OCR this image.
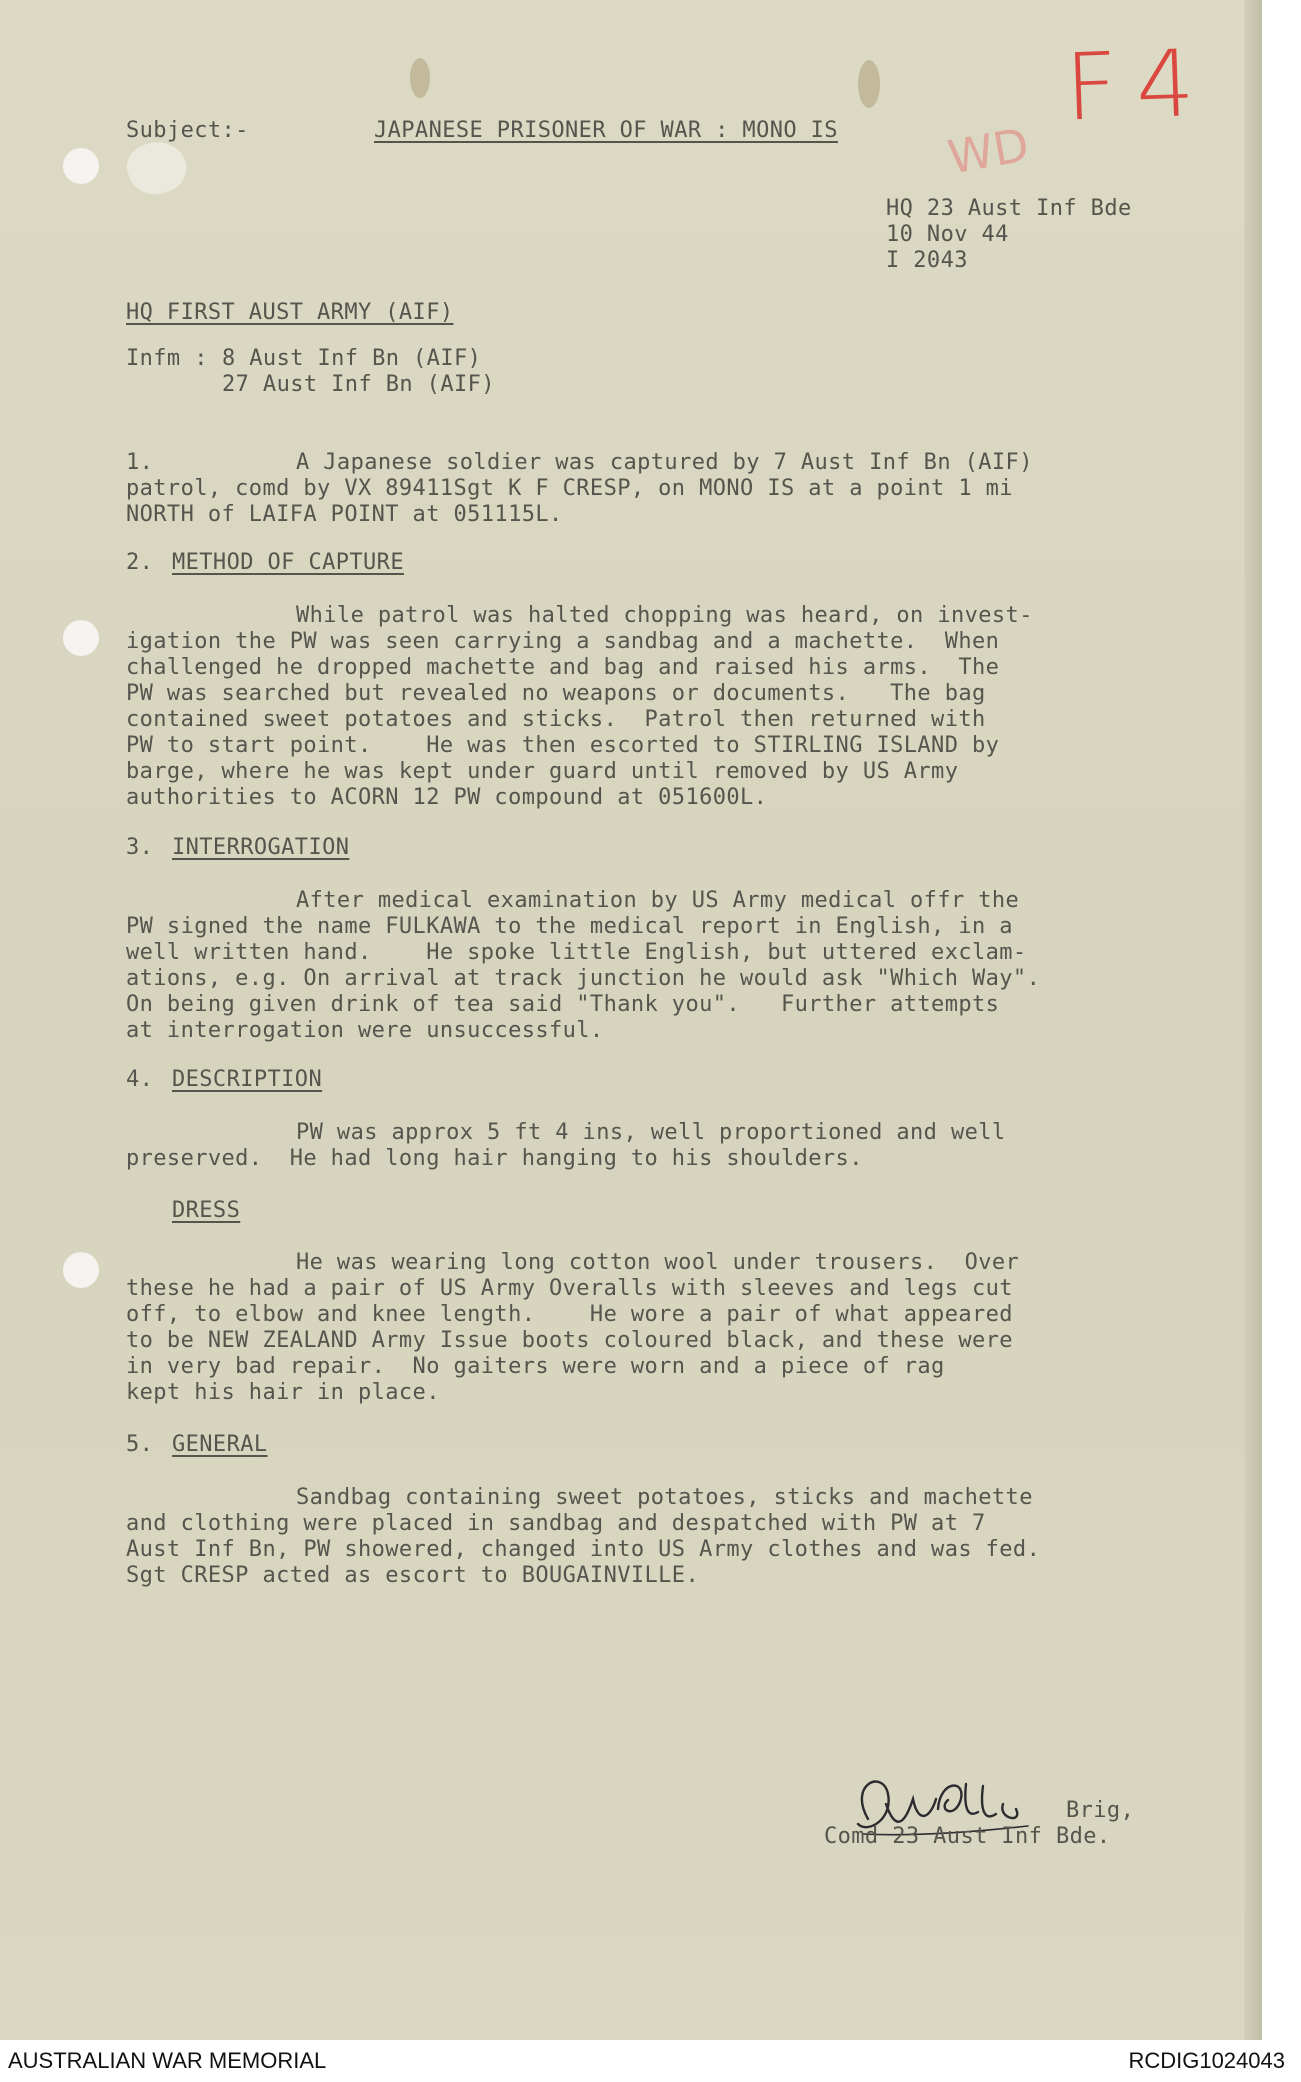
Subject:-	JAPANESE PRISONER OF WAR : MONO IS F4
WD
HQ 23 Aust Inf Bde
10 Nov 44
I 2043
HQ FIRST AUST ARMY (AIF)
Infm : 8 Aust Inf Bn (AIF)
27 Aust Inf Bn (AIF)
1.	A Japanese soldier was captured by 7 Aust Inf Bn (AIF)

patrol, comd by VX 89411Sgt K F CRESP, on MONO IS at a point 1 mi

NORTH of LAIFA POINT at 051115L.

2. METHOD OF CAPTURE

While patrol was halted chopping was heard, on invest-

igation the PW was seen carrying a sandbag and a machette.  When

challenged he dropped machette and bag and raised his arms.  The

PW was searched but revealed no weapons or documents.   The bag

contained sweet potatoes and sticks.  Patrol then returned with

PW to start point.    He was then escorted to STIRLING ISLAND by

barge, where he was kept under guard until removed by US Army

authorities to ACORN 12 PW compound at 051600L.

3. INTERROGATION

After medical examination by US Army medical offr the

PW signed the name FULKAWA to the medical report in English, in a

well written hand.    He spoke little English, but uttered exclam-

ations, e.g. On arrival at track junction he would ask "Which Way".

On being given drink of tea said "Thank you".   Further attempts

at interrogation were unsuccessful.

4. DESCRIPTION

PW was approx 5 ft 4 ins, well proportioned and well

preserved.  He had long hair hanging to his shoulders.

DRESS

He was wearing long cotton wool under trousers.  Over

these he had a pair of US Army Overalls with sleeves and legs cut

off, to elbow and knee length.    He wore a pair of what appeared

to be NEW ZEALAND Army Issue boots coloured black, and these were

in very bad repair.  No gaiters were worn and a piece of rag

kept his hair in place.

5. GENERAL

Sandbag containing sweet potatoes, sticks and machette

and clothing were placed in sandbag and despatched with PW at 7

Aust Inf Bn, PW showered, changed into US Army clothes and was fed.

Sgt CRESP acted as escort to BOUGAINVILLE.

Brig,
Comd 23 Aust Inf Bde.
AUSTRALIAN WAR MEMORIAL	RCDIG1024043
